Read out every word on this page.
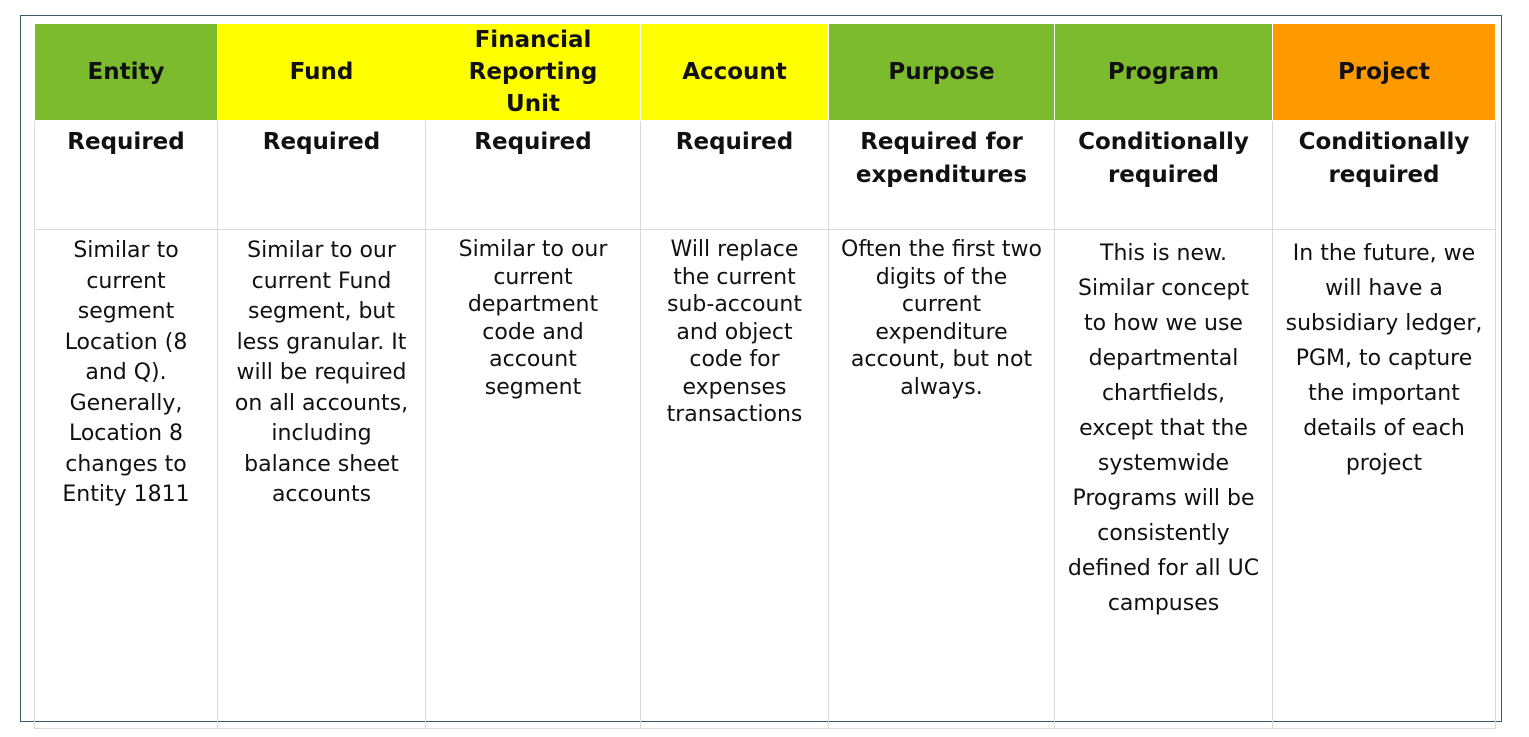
Entity	Fund	Financial Reporting Unit	Account	Purpose	Program	Project
Required	Required	Required	Required	Required for expenditures	Conditionally required	Conditionally required

Similar to current segment Location (8 and Q). Generally, Location 8 changes to Entity 1811	Similar to our current Fund segment, but less granular. It will be required on all accounts, including balance sheet accounts	Similar to our current department code and account segment	Will replace the current sub-account and object code for expenses transactions	Often the first two digits of the current expenditure account, but not always.	This is new. Similar concept to how we use departmental chartfields, except that the systemwide Programs will be consistently defined for all UC campuses	In the future, we will have a subsidiary ledger, PGM, to capture the important details of each project
